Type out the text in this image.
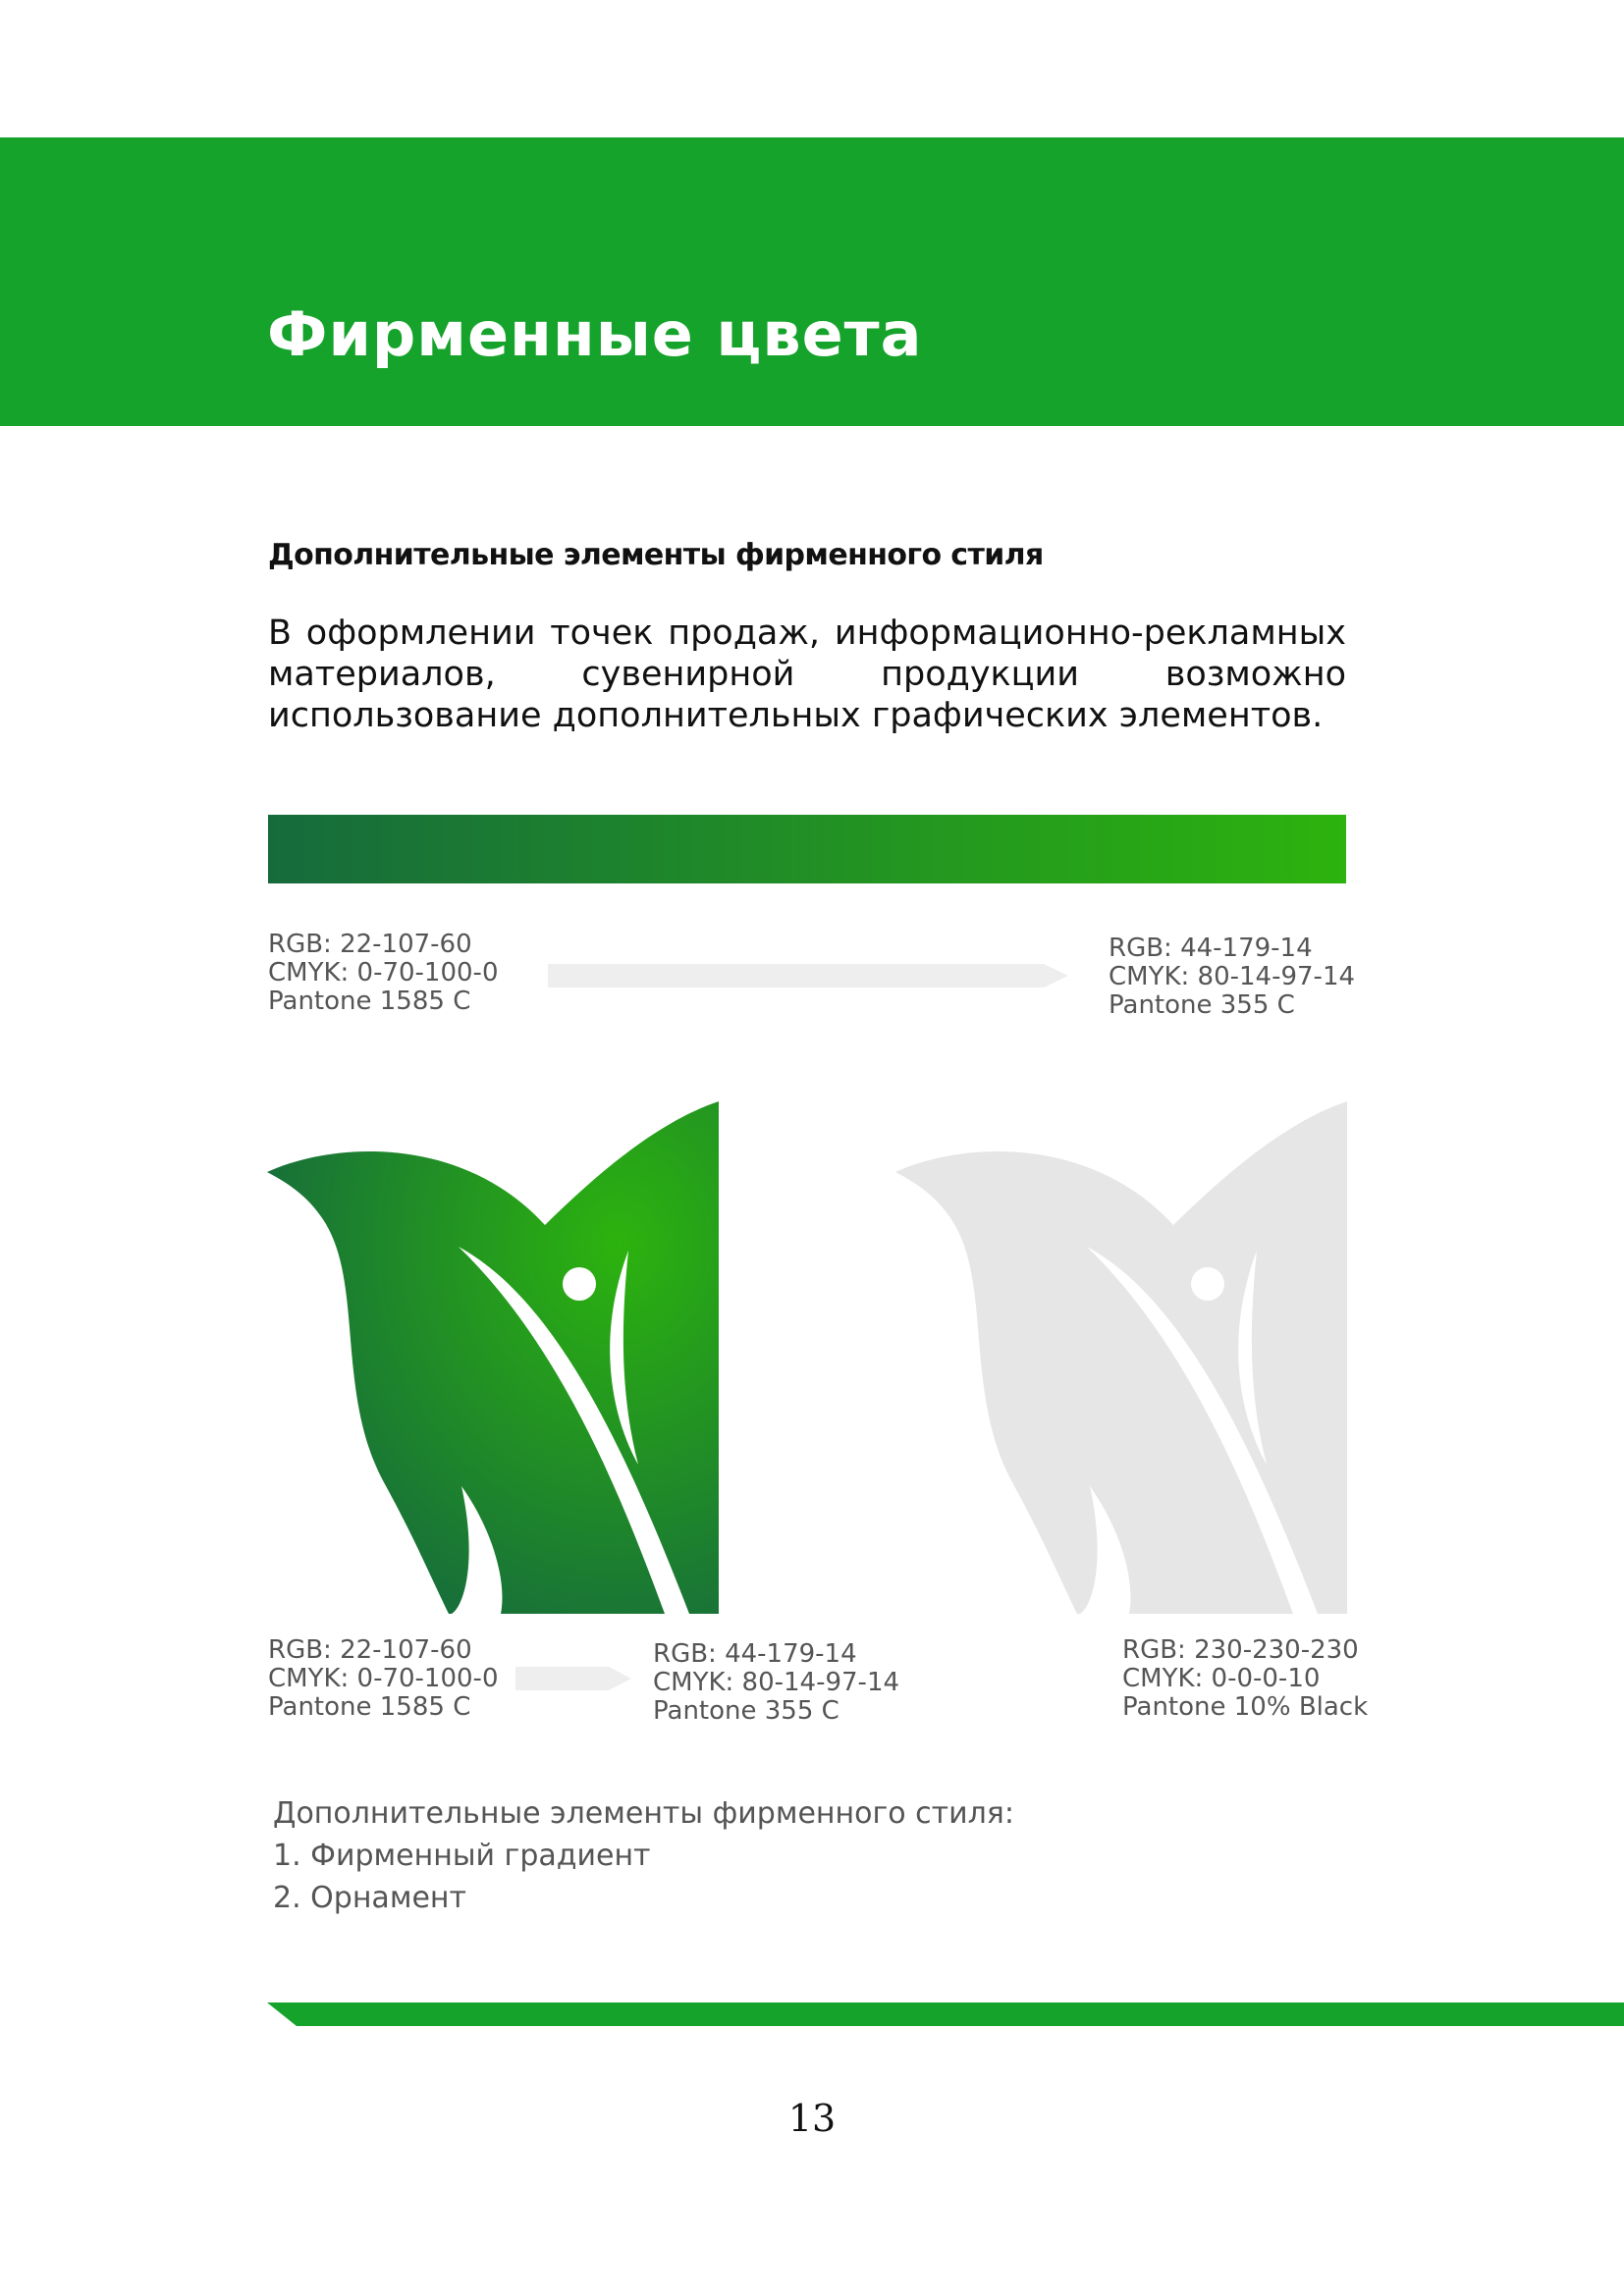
Фирменные цвета
Дополнительные элементы фирменного стиля
В оформлении точек продаж, информационно-рекламных материалов, сувенирной продукции возможно использование дополнительных графических элементов.
RGB: 22-107-60
CMYK: 0-70-100-0
Pantone 1585 C
RGB: 44-179-14
CMYK: 80-14-97-14
Pantone 355 C
RGB: 22-107-60
CMYK: 0-70-100-0
Pantone 1585 C
RGB: 44-179-14
CMYK: 80-14-97-14
Pantone 355 C
RGB: 230-230-230
CMYK: 0-0-0-10
Pantone 10% Black
Дополнительные элементы фирменного стиля:
1. Фирменный градиент
2. Орнамент
13
